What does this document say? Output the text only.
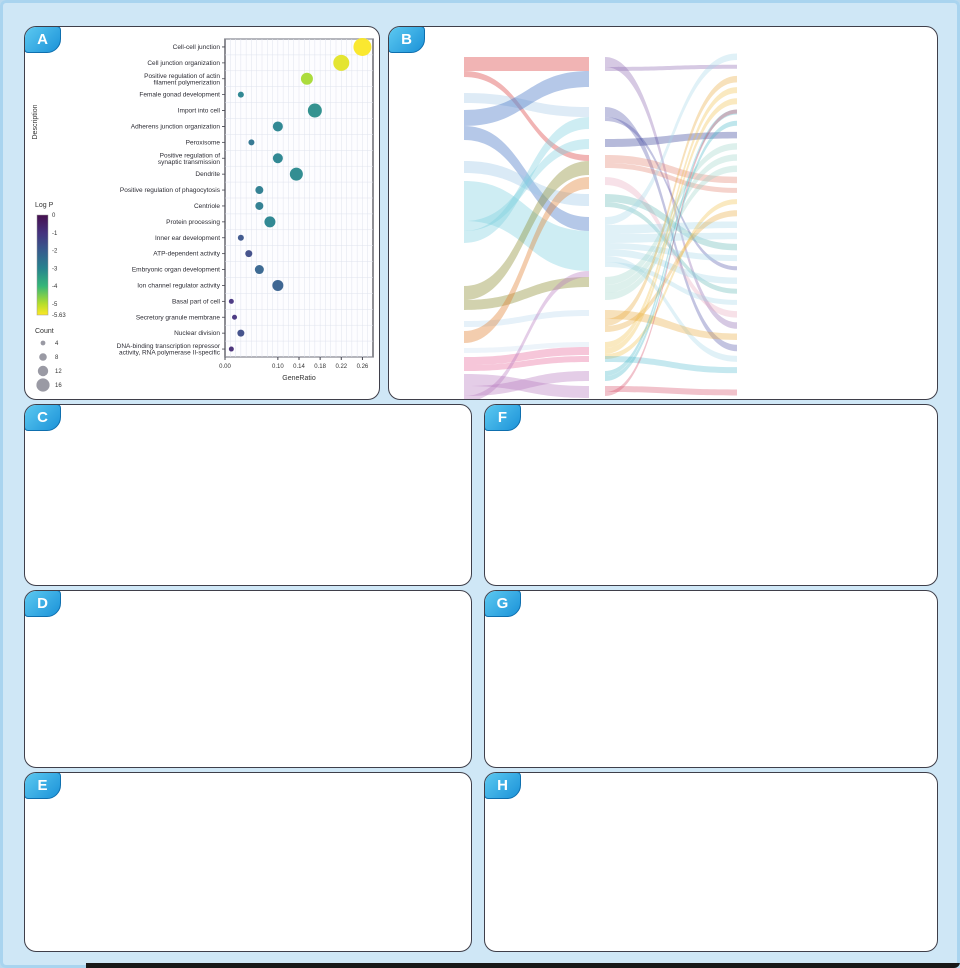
A
0.00	0.10 0.14 0.18 0.22 0.26
GeneRatio
Cell-cell junction
Cell junction organization
Positive regulation of actin filament polymerization
Female gonad development
Import into cell
Adherens junction organization
Peroxisome
Positive regulation of synaptic transmission
Dendrite
Positive regulation of phagocytosis
Centriole
Protein processing
Inner ear development
ATP-dependent activity
Embryonic organ development
Ion channel regulator activity
Basal part of cell
Secretory granule membrane
Nuclear division
DNA-binding transcription repressor activity, RNA polymerase II-specific
Description
Log P
0
-1
-2
-3
-4
-5
-5.63
Count
4
8
12
16
B
C	F
D	G
E	H
